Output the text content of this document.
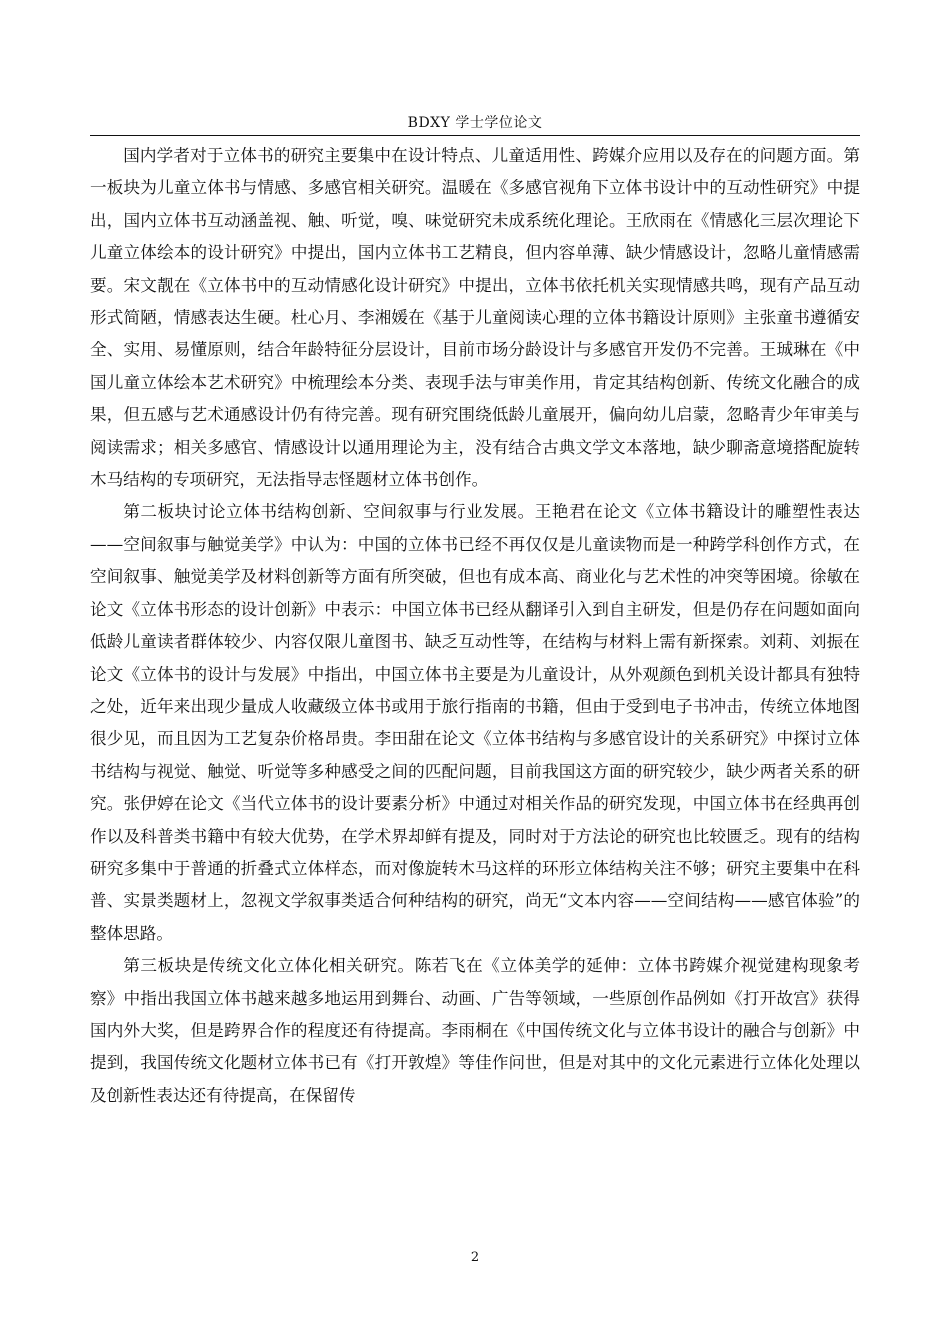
BDXY 学士学位论文

国内学者对于立体书的研究主要集中在设计特点、儿童适用性、跨媒介应用以及存在的问题方面。第一板块为儿童立体书与情感、多感官相关研究。温暖在《多感官视角下立体书设计中的互动性研究》中提出，国内立体书互动涵盖视、触、听觉，嗅、味觉研究未成系统化理论。王欣雨在《情感化三层次理论下儿童立体绘本的设计研究》中提出，国内立体书工艺精良，但内容单薄、缺少情感设计，忽略儿童情感需要。宋文靓在《立体书中的互动情感化设计研究》中提出，立体书依托机关实现情感共鸣，现有产品互动形式简陋，情感表达生硬。杜心月、李湘媛在《基于儿童阅读心理的立体书籍设计原则》主张童书遵循安全、实用、易懂原则，结合年龄特征分层设计，目前市场分龄设计与多感官开发仍不完善。王珹琳在《中国儿童立体绘本艺术研究》中梳理绘本分类、表现手法与审美作用，肯定其结构创新、传统文化融合的成果，但五感与艺术通感设计仍有待完善。现有研究围绕低龄儿童展开，偏向幼儿启蒙，忽略青少年审美与阅读需求；相关多感官、情感设计以通用理论为主，没有结合古典文学文本落地，缺少聊斋意境搭配旋转木马结构的专项研究，无法指导志怪题材立体书创作。

第二板块讨论立体书结构创新、空间叙事与行业发展。王艳君在论文《立体书籍设计的雕塑性表达——空间叙事与触觉美学》中认为：中国的立体书已经不再仅仅是儿童读物而是一种跨学科创作方式，在空间叙事、触觉美学及材料创新等方面有所突破，但也有成本高、商业化与艺术性的冲突等困境。徐敏在论文《立体书形态的设计创新》中表示：中国立体书已经从翻译引入到自主研发，但是仍存在问题如面向低龄儿童读者群体较少、内容仅限儿童图书、缺乏互动性等，在结构与材料上需有新探索。刘莉、刘振在论文《立体书的设计与发展》中指出，中国立体书主要是为儿童设计，从外观颜色到机关设计都具有独特之处，近年来出现少量成人收藏级立体书或用于旅行指南的书籍，但由于受到电子书冲击，传统立体地图很少见，而且因为工艺复杂价格昂贵。李田甜在论文《立体书结构与多感官设计的关系研究》中探讨立体书结构与视觉、触觉、听觉等多种感受之间的匹配问题，目前我国这方面的研究较少，缺少两者关系的研究。张伊婷在论文《当代立体书的设计要素分析》中通过对相关作品的研究发现，中国立体书在经典再创作以及科普类书籍中有较大优势，在学术界却鲜有提及，同时对于方法论的研究也比较匮乏。现有的结构研究多集中于普通的折叠式立体样态，而对像旋转木马这样的环形立体结构关注不够；研究主要集中在科普、实景类题材上，忽视文学叙事类适合何种结构的研究，尚无“文本内容——空间结构——感官体验”的整体思路。

第三板块是传统文化立体化相关研究。陈若飞在《立体美学的延伸：立体书跨媒介视觉建构现象考察》中指出我国立体书越来越多地运用到舞台、动画、广告等领域，一些原创作品例如《打开故宫》获得国内外大奖，但是跨界合作的程度还有待提高。李雨桐在《中国传统文化与立体书设计的融合与创新》中提到，我国传统文化题材立体书已有《打开敦煌》等佳作问世，但是对其中的文化元素进行立体化处理以及创新性表达还有待提高，在保留传

2
